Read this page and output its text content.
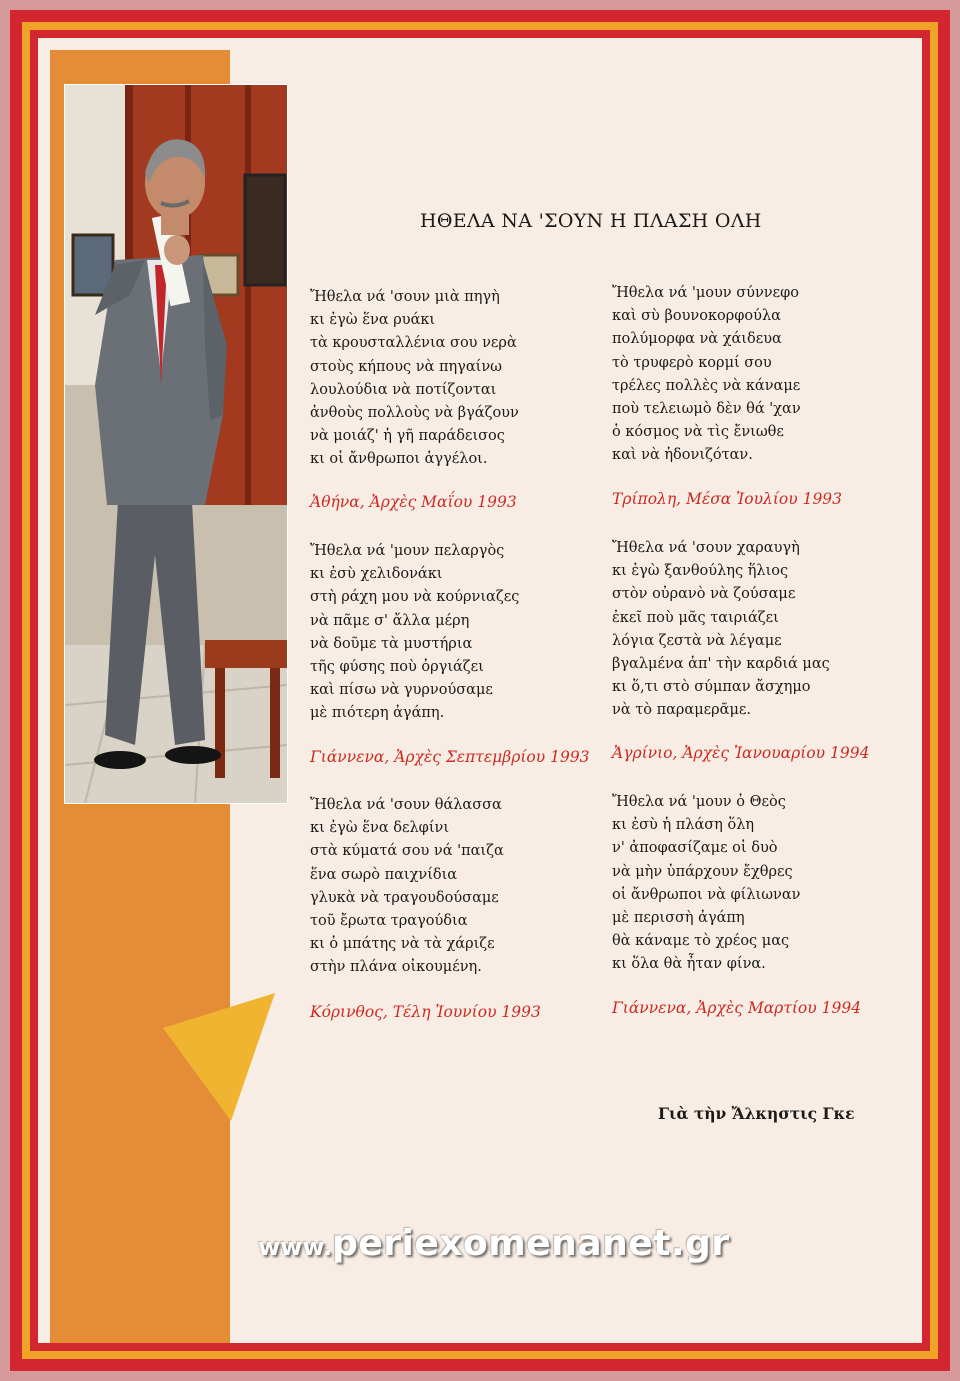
ΗΘΕΛΑ ΝΑ 'ΣΟΥΝ Η ΠΛΑΣΗ ΟΛΗ
Ἤθελα νά 'σουν μιὰ πηγὴ
κι ἐγὼ ἕνα ρυάκι
τὰ κρουσταλλένια σου νερὰ
στοὺς κήπους νὰ πηγαίνω
λουλούδια νὰ ποτίζονται
ἀνθοὺς πολλοὺς νὰ βγάζουν
νὰ μοιάζ' ἡ γῆ παράδεισος
κι οἱ ἄνθρωποι ἀγγέλοι.
Ἀθήνα, Ἀρχὲς Μαΐου 1993
Ἤθελα νά 'μουν πελαργὸς
κι ἐσὺ χελιδονάκι
στὴ ράχη μου νὰ κούρνιαζες
νὰ πᾶμε σ' ἄλλα μέρη
νὰ δοῦμε τὰ μυστήρια
τῆς φύσης ποὺ ὀργιάζει
καὶ πίσω νὰ γυρνούσαμε
μὲ πιότερη ἀγάπη.
Γιάννενα, Ἀρχὲς Σεπτεμβρίου 1993
Ἤθελα νά 'σουν θάλασσα
κι ἐγὼ ἕνα δελφίνι
στὰ κύματά σου νά 'παιζα
ἕνα σωρὸ παιχνίδια
γλυκὰ νὰ τραγουδούσαμε
τοῦ ἔρωτα τραγούδια
κι ὁ μπάτης νὰ τὰ χάριζε
στὴν πλάνα οἰκουμένη.
Κόρινθος, Τέλη Ἰουνίου 1993
Ἤθελα νά 'μουν σύννεφο
καὶ σὺ βουνοκορφούλα
πολύμορφα νὰ χάιδευα
τὸ τρυφερὸ κορμί σου
τρέλες πολλὲς νὰ κάναμε
ποὺ τελειωμὸ δὲν θά 'χαν
ὁ κόσμος νὰ τὶς ἔνιωθε
καὶ νὰ ἡδονιζόταν.
Τρίπολη, Μέσα Ἰουλίου 1993
Ἤθελα νά 'σουν χαραυγὴ
κι ἐγὼ ξανθούλης ἥλιος
στὸν οὐρανὸ νὰ ζούσαμε
ἐκεῖ ποὺ μᾶς ταιριάζει
λόγια ζεστὰ νὰ λέγαμε
βγαλμένα ἀπ' τὴν καρδιά μας
κι ὅ,τι στὸ σύμπαν ἄσχημο
νὰ τὸ παραμερᾶμε.
Ἀγρίνιο, Ἀρχὲς Ἰανουαρίου 1994
Ἤθελα νά 'μουν ὁ Θεὸς
κι ἐσὺ ἡ πλάση ὅλη
ν' ἀποφασίζαμε οἱ δυὸ
νὰ μὴν ὑπάρχουν ἔχθρες
οἱ ἄνθρωποι νὰ φίλιωναν
μὲ περισσὴ ἀγάπη
θὰ κάναμε τὸ χρέος μας
κι ὅλα θὰ ἦταν φίνα.
Γιάννενα, Ἀρχὲς Μαρτίου 1994
Γιὰ τὴν Ἄλκηστις Γκε
www.periexomenanet.gr
